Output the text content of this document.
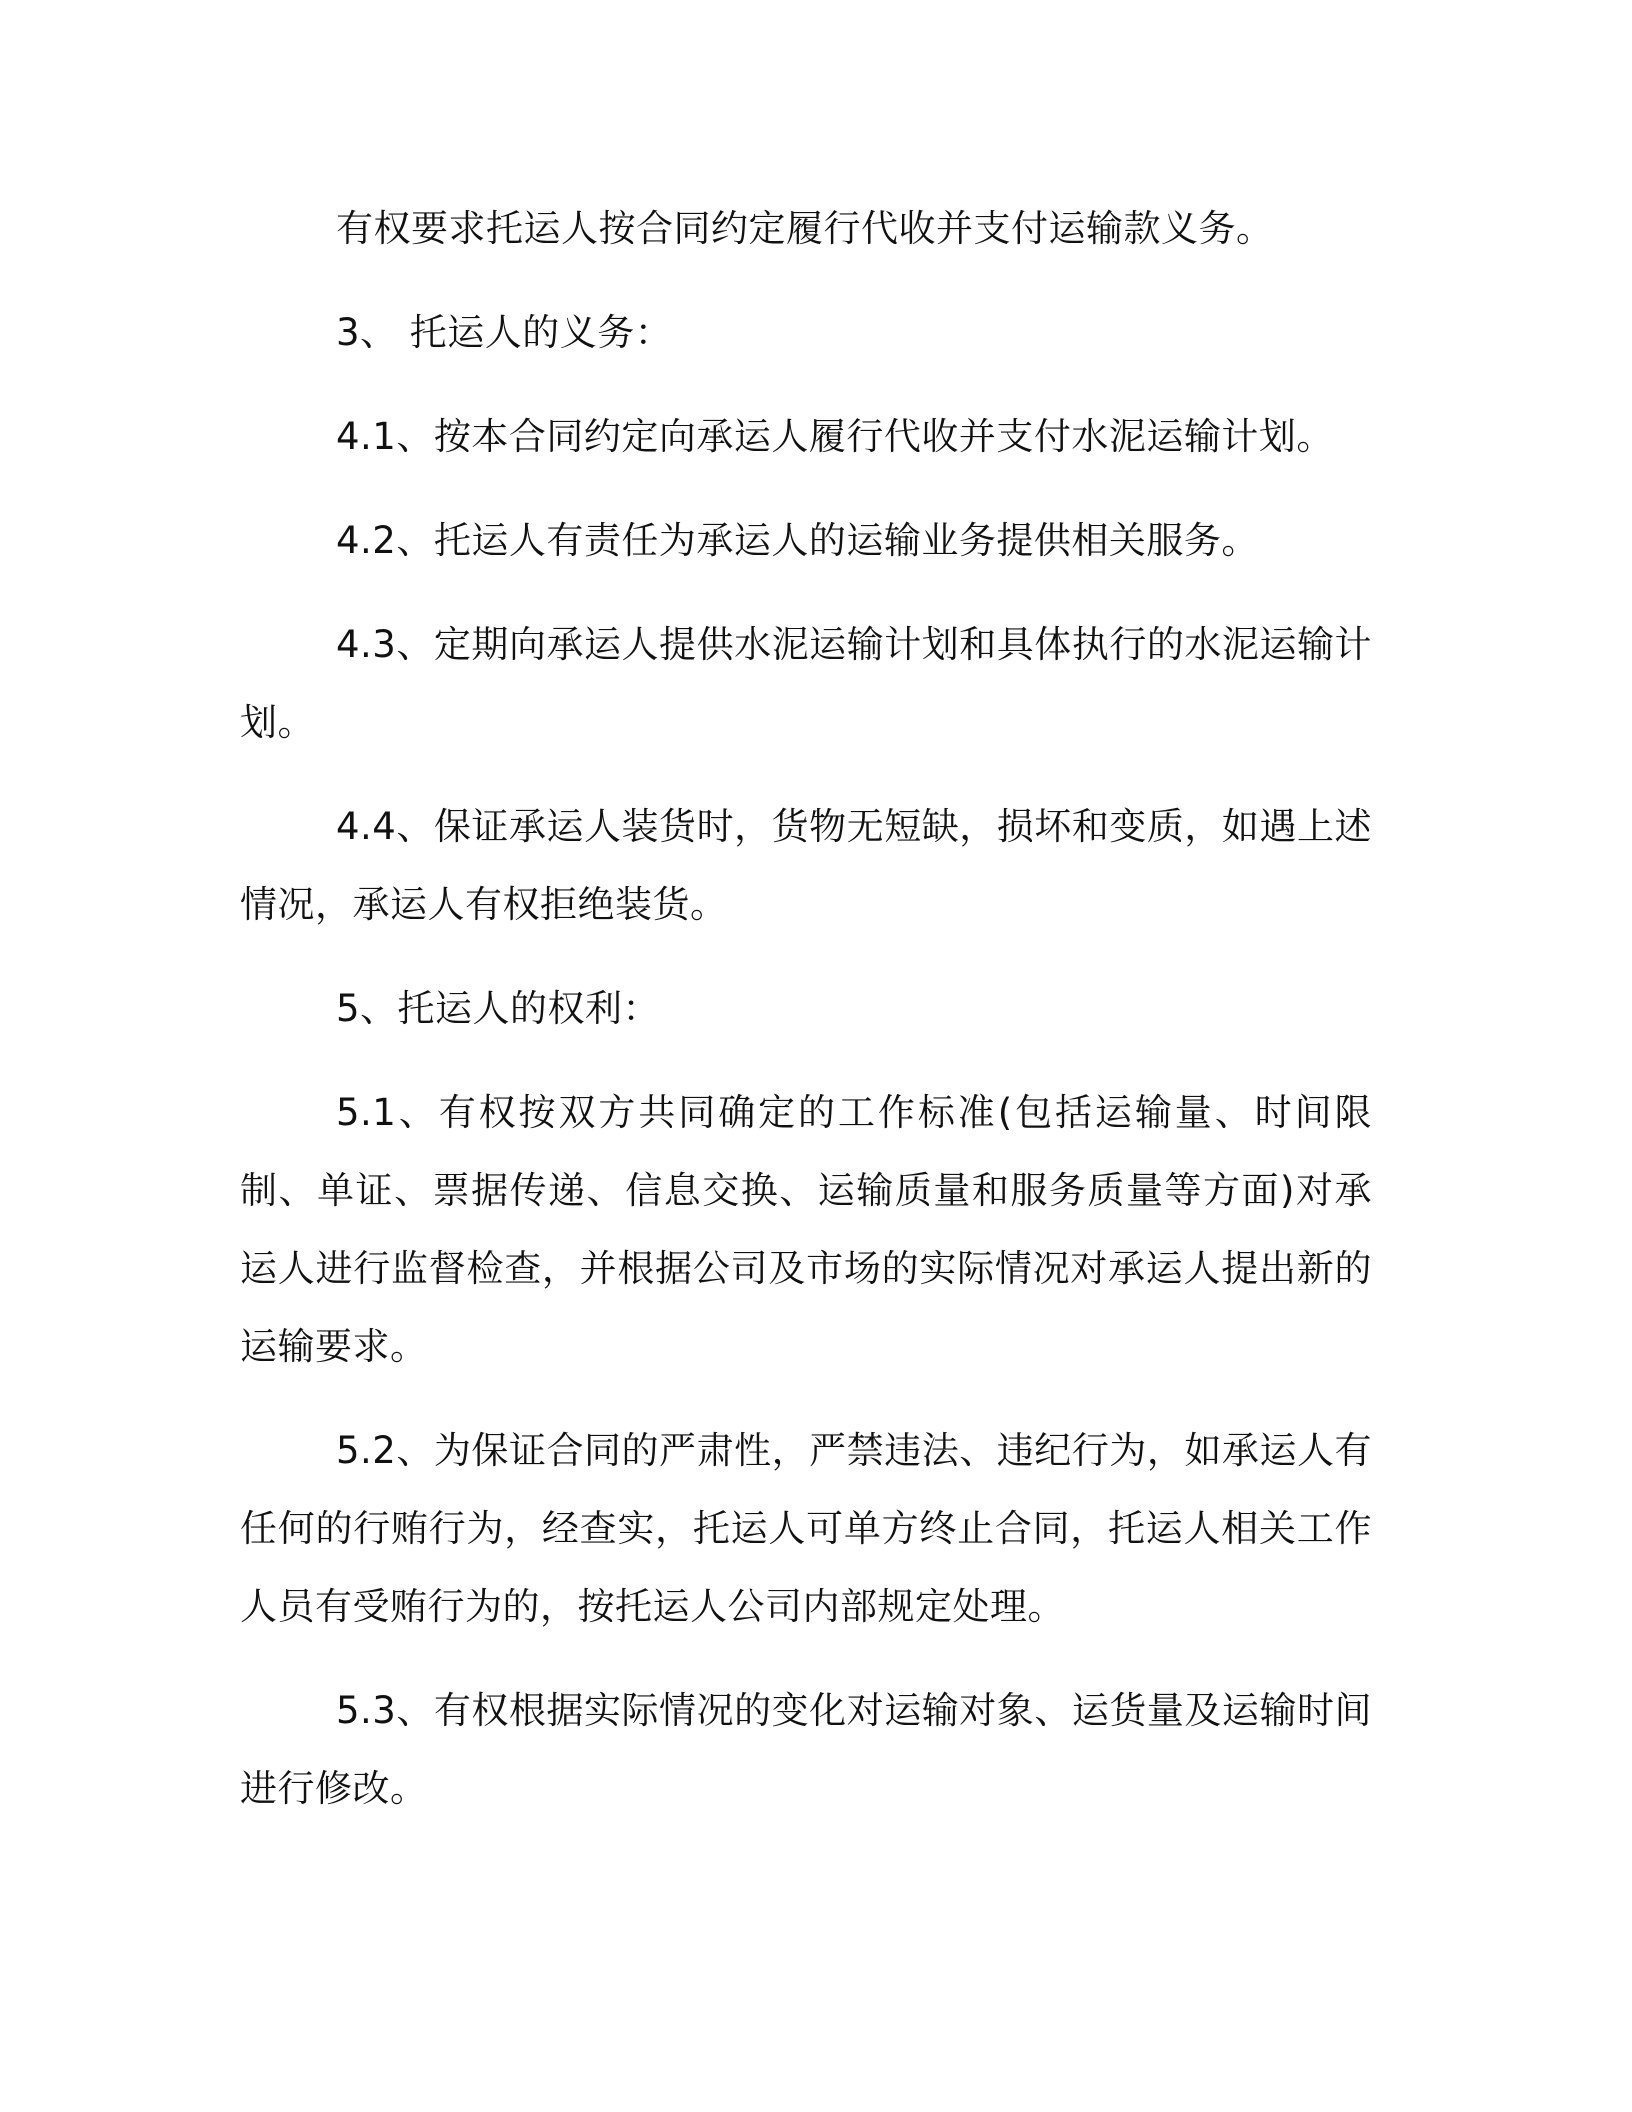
有权要求托运人按合同约定履行代收并支付运输款义务。

3、 托运人的义务：

4.1、按本合同约定向承运人履行代收并支付水泥运输计划。

4.2、托运人有责任为承运人的运输业务提供相关服务。

4.3、定期向承运人提供水泥运输计划和具体执行的水泥运输计划。

4.4、保证承运人装货时，货物无短缺，损坏和变质，如遇上述情况，承运人有权拒绝装货。

5、托运人的权利：

5.1、有权按双方共同确定的工作标准(包括运输量、时间限制、单证、票据传递、信息交换、运输质量和服务质量等方面)对承运人进行监督检查，并根据公司及市场的实际情况对承运人提出新的运输要求。

5.2、为保证合同的严肃性，严禁违法、违纪行为，如承运人有任何的行贿行为，经查实，托运人可单方终止合同，托运人相关工作人员有受贿行为的，按托运人公司内部规定处理。

5.3、有权根据实际情况的变化对运输对象、运货量及运输时间进行修改。
